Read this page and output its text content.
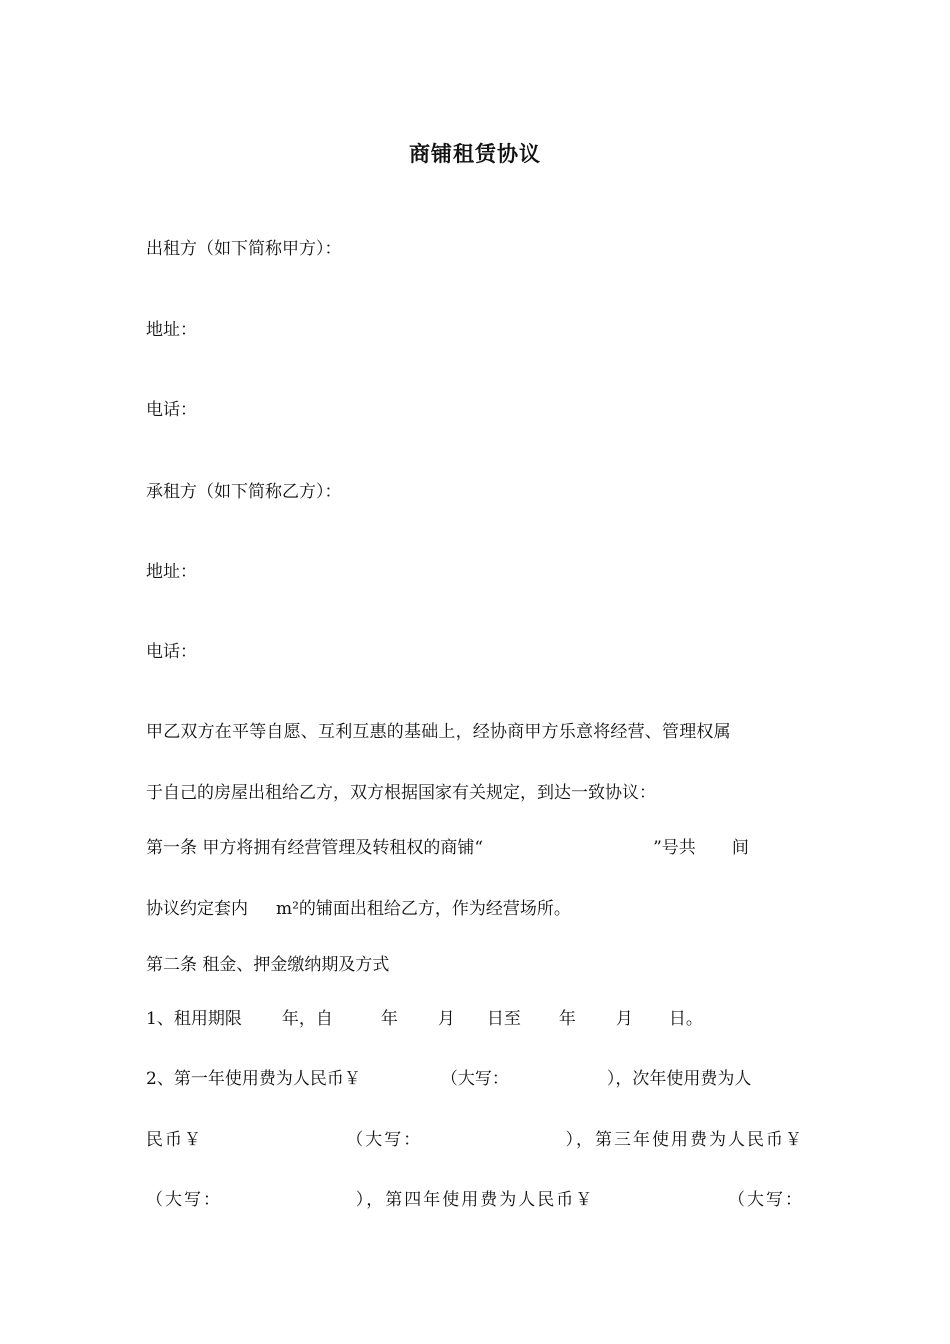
商铺租赁协议
出租方（如下简称甲方）：
地址：
电话：
承租方（如下简称乙方）：
地址：
电话：
甲乙双方在平等自愿、互利互惠的基础上，经协商甲方乐意将经营、管理权属
于自己的房屋出租给乙方，双方根据国家有关规定，到达一致协议：
第一条 甲方将拥有经营管理及转租权的商铺“	”号共 间
协议约定套内 m²的铺面出租给乙方，作为经营场所。
第二条 租金、押金缴纳期及方式
1、租用期限 年，自	年 月 日至 年 月 日。
2、第一年使用费为人民币￥	（大写：	），次年使用费为人
民币￥	（大写：	），第三年使用费为人民币￥
（大写：	），第四年使用费为人民币￥	（大写：
